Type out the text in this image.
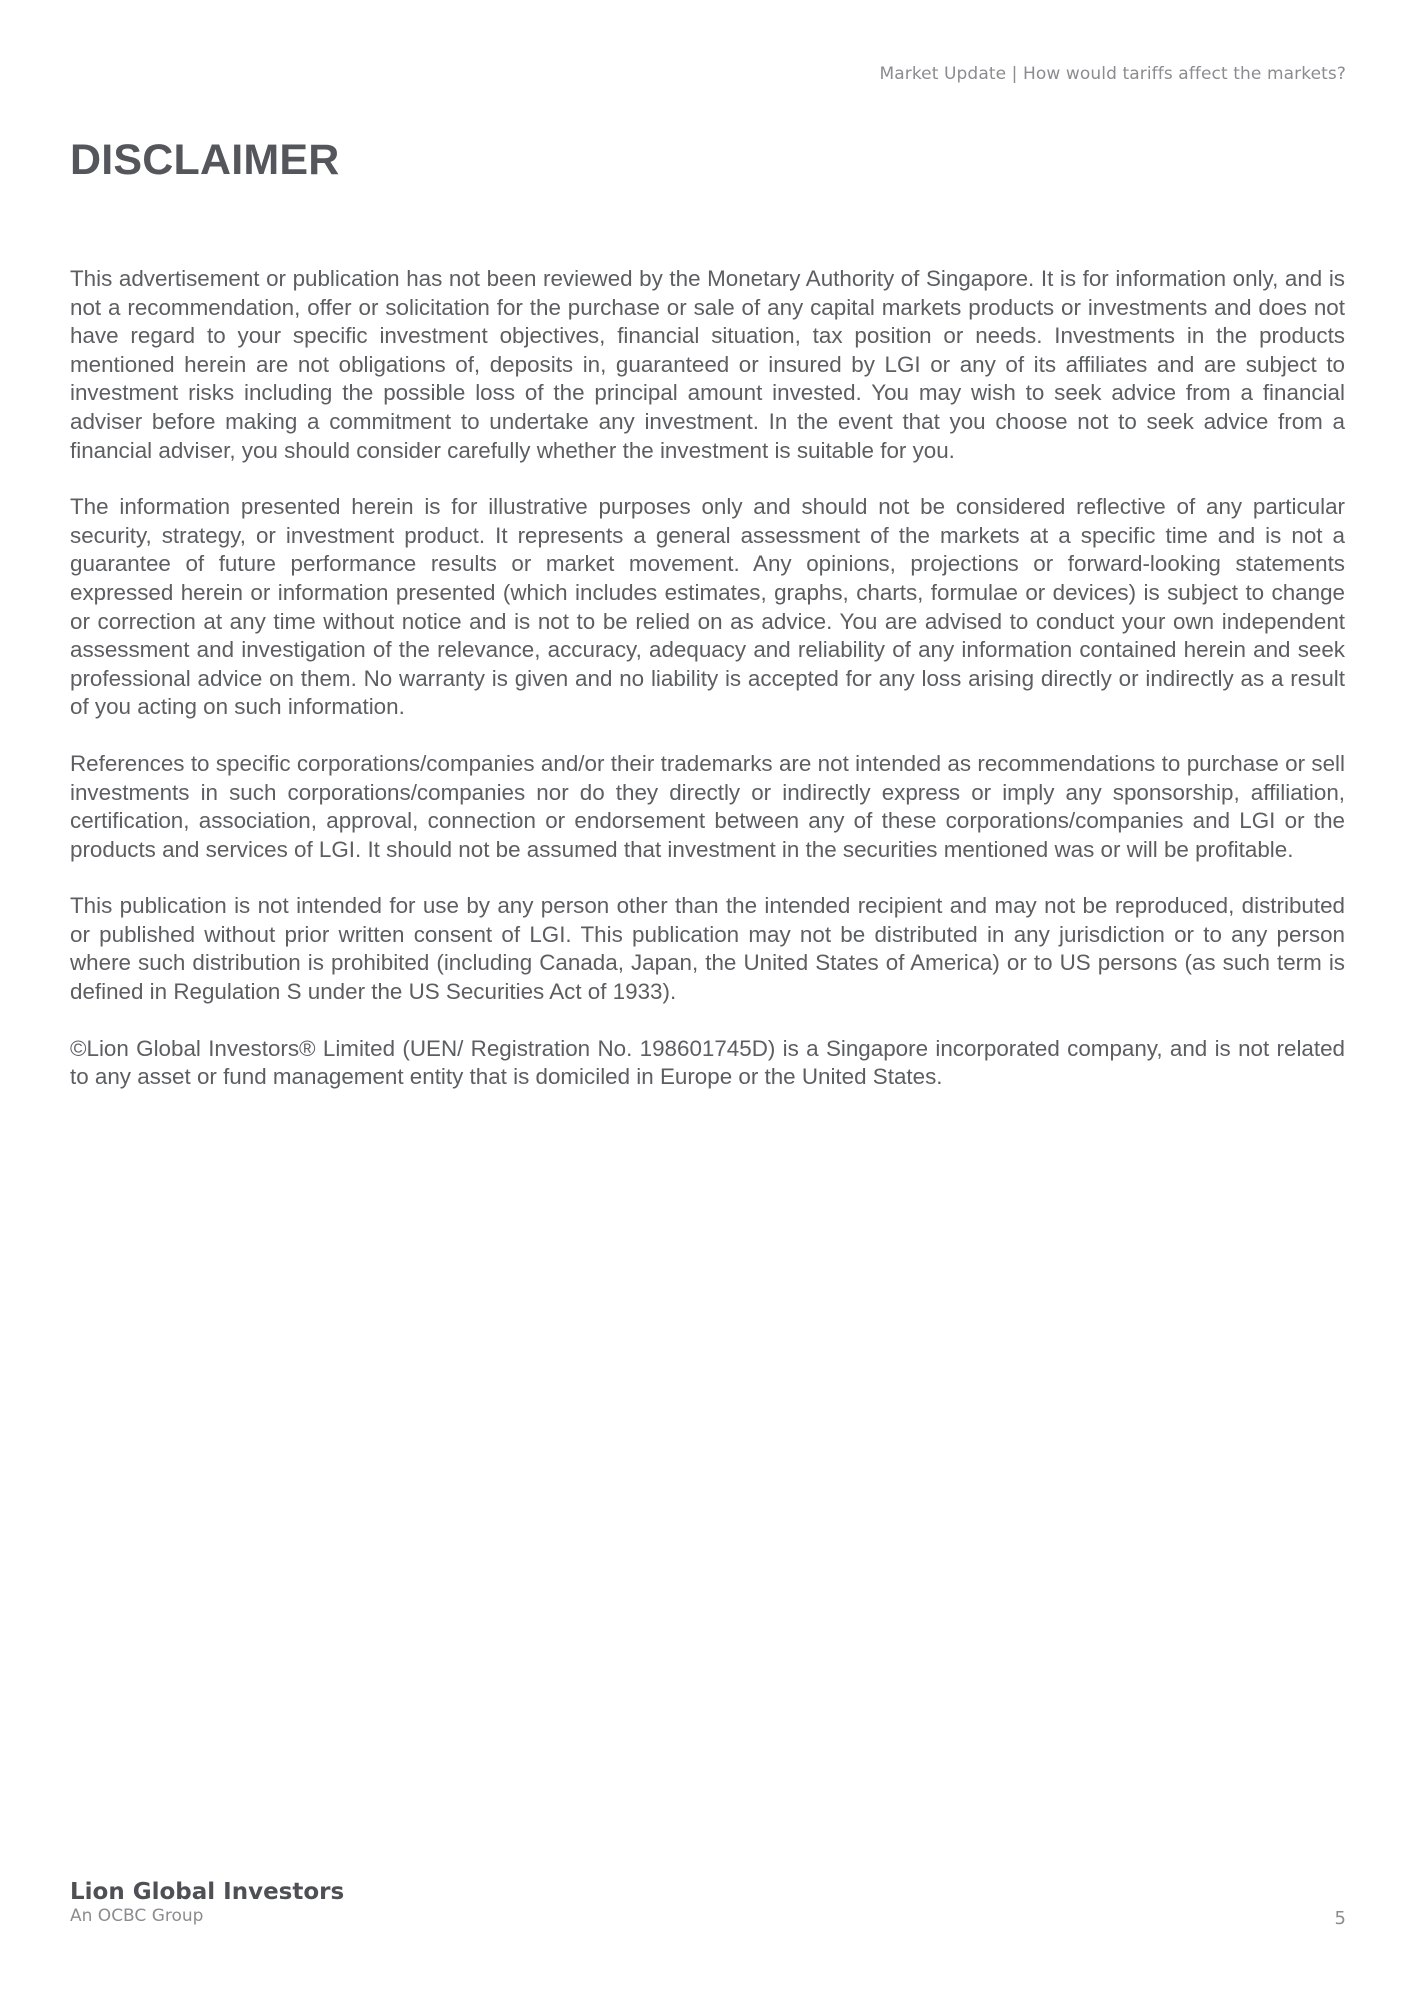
Market Update | How would tariffs affect the markets?
DISCLAIMER

This advertisement or publication has not been reviewed by the Monetary Authority of Singapore. It is for information only, and is not a recommendation, offer or solicitation for the purchase or sale of any capital markets products or investments and does not have regard to your specific investment objectives, financial situation, tax position or needs. Investments in the products mentioned herein are not obligations of, deposits in, guaranteed or insured by LGI or any of its affiliates and are subject to investment risks including the possible loss of the principal amount invested. You may wish to seek advice from a financial adviser before making a commitment to undertake any investment. In the event that you choose not to seek advice from a financial adviser, you should consider carefully whether the investment is suitable for you.

The information presented herein is for illustrative purposes only and should not be considered reflective of any particular security, strategy, or investment product. It represents a general assessment of the markets at a specific time and is not a guarantee of future performance results or market movement. Any opinions, projections or forward-looking statements expressed herein or information presented (which includes estimates, graphs, charts, formulae or devices) is subject to change or correction at any time without notice and is not to be relied on as advice. You are advised to conduct your own independent assessment and investigation of the relevance, accuracy, adequacy and reliability of any information contained herein and seek professional advice on them. No warranty is given and no liability is accepted for any loss arising directly or indirectly as a result of you acting on such information.

References to specific corporations/companies and/or their trademarks are not intended as recommendations to purchase or sell investments in such corporations/companies nor do they directly or indirectly express or imply any sponsorship, affiliation, certification, association, approval, connection or endorsement between any of these corporations/companies and LGI or the products and services of LGI. It should not be assumed that investment in the securities mentioned was or will be profitable.

This publication is not intended for use by any person other than the intended recipient and may not be reproduced, distributed or published without prior written consent of LGI. This publication may not be distributed in any jurisdiction or to any person where such distribution is prohibited (including Canada, Japan, the United States of America) or to US persons (as such term is defined in Regulation S under the US Securities Act of 1933).

©Lion Global Investors® Limited (UEN/ Registration No. 198601745D) is a Singapore incorporated company, and is not related to any asset or fund management entity that is domiciled in Europe or the United States.

Lion Global Investors
An OCBC Group	5
